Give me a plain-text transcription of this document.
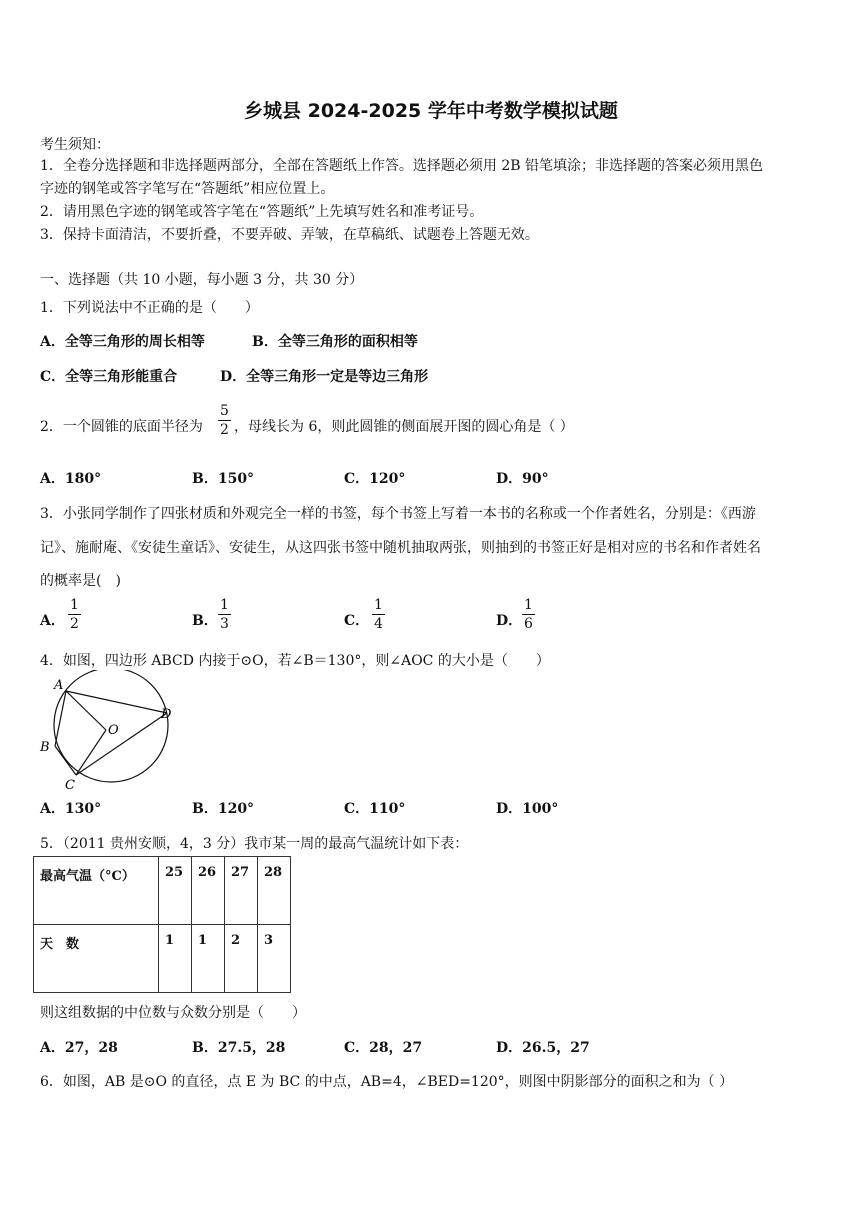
乡城县 2024-2025 学年中考数学模拟试题
考生须知：
1．全卷分选择题和非选择题两部分，全部在答题纸上作答。选择题必须用 2B 铅笔填涂；非选择题的答案必须用黑色
字迹的钢笔或答字笔写在“答题纸”相应位置上。
2．请用黑色字迹的钢笔或答字笔在“答题纸”上先填写姓名和准考证号。
3．保持卡面清洁，不要折叠，不要弄破、弄皱，在草稿纸、试题卷上答题无效。
一、选择题（共 10 小题，每小题 3 分，共 30 分）
1．下列说法中不正确的是（　　）
A．全等三角形的周长相等	B．全等三角形的面积相等
C．全等三角形能重合	D．全等三角形一定是等边三角形
2．一个圆锥的底面半径为
5
2 ，母线长为 6，则此圆锥的侧面展开图的圆心角是（ ）
A．180°	B．150°	C．120°	D．90°
3．小张同学制作了四张材质和外观完全一样的书签，每个书签上写着一本书的名称或一个作者姓名，分别是：《西游
记》、施耐庵、《安徒生童话》、安徒生，从这四张书签中随机抽取两张，则抽到的书签正好是相对应的书名和作者姓名
的概率是(　)
A．
1
2	B．
1
3	C．
1
4	D．
1
6
4．如图，四边形 ABCD 内接于⊙O，若∠B＝130°，则∠AOC 的大小是（　　）
A
B
C
D
O
A．130°	B．120°	C．110°	D．100°
5．（2011 贵州安顺，4，3 分）我市某一周的最高气温统计如下表：
最高气温（°C）	25	26	27	28
天　数	1	1	2	3
则这组数据的中位数与众数分别是（　　）
A．27，28	B．27.5，28	C．28，27	D．26.5，27
6．如图，AB 是⊙O 的直径，点 E 为 BC 的中点，AB=4，∠BED=120°，则图中阴影部分的面积之和为（ ）
